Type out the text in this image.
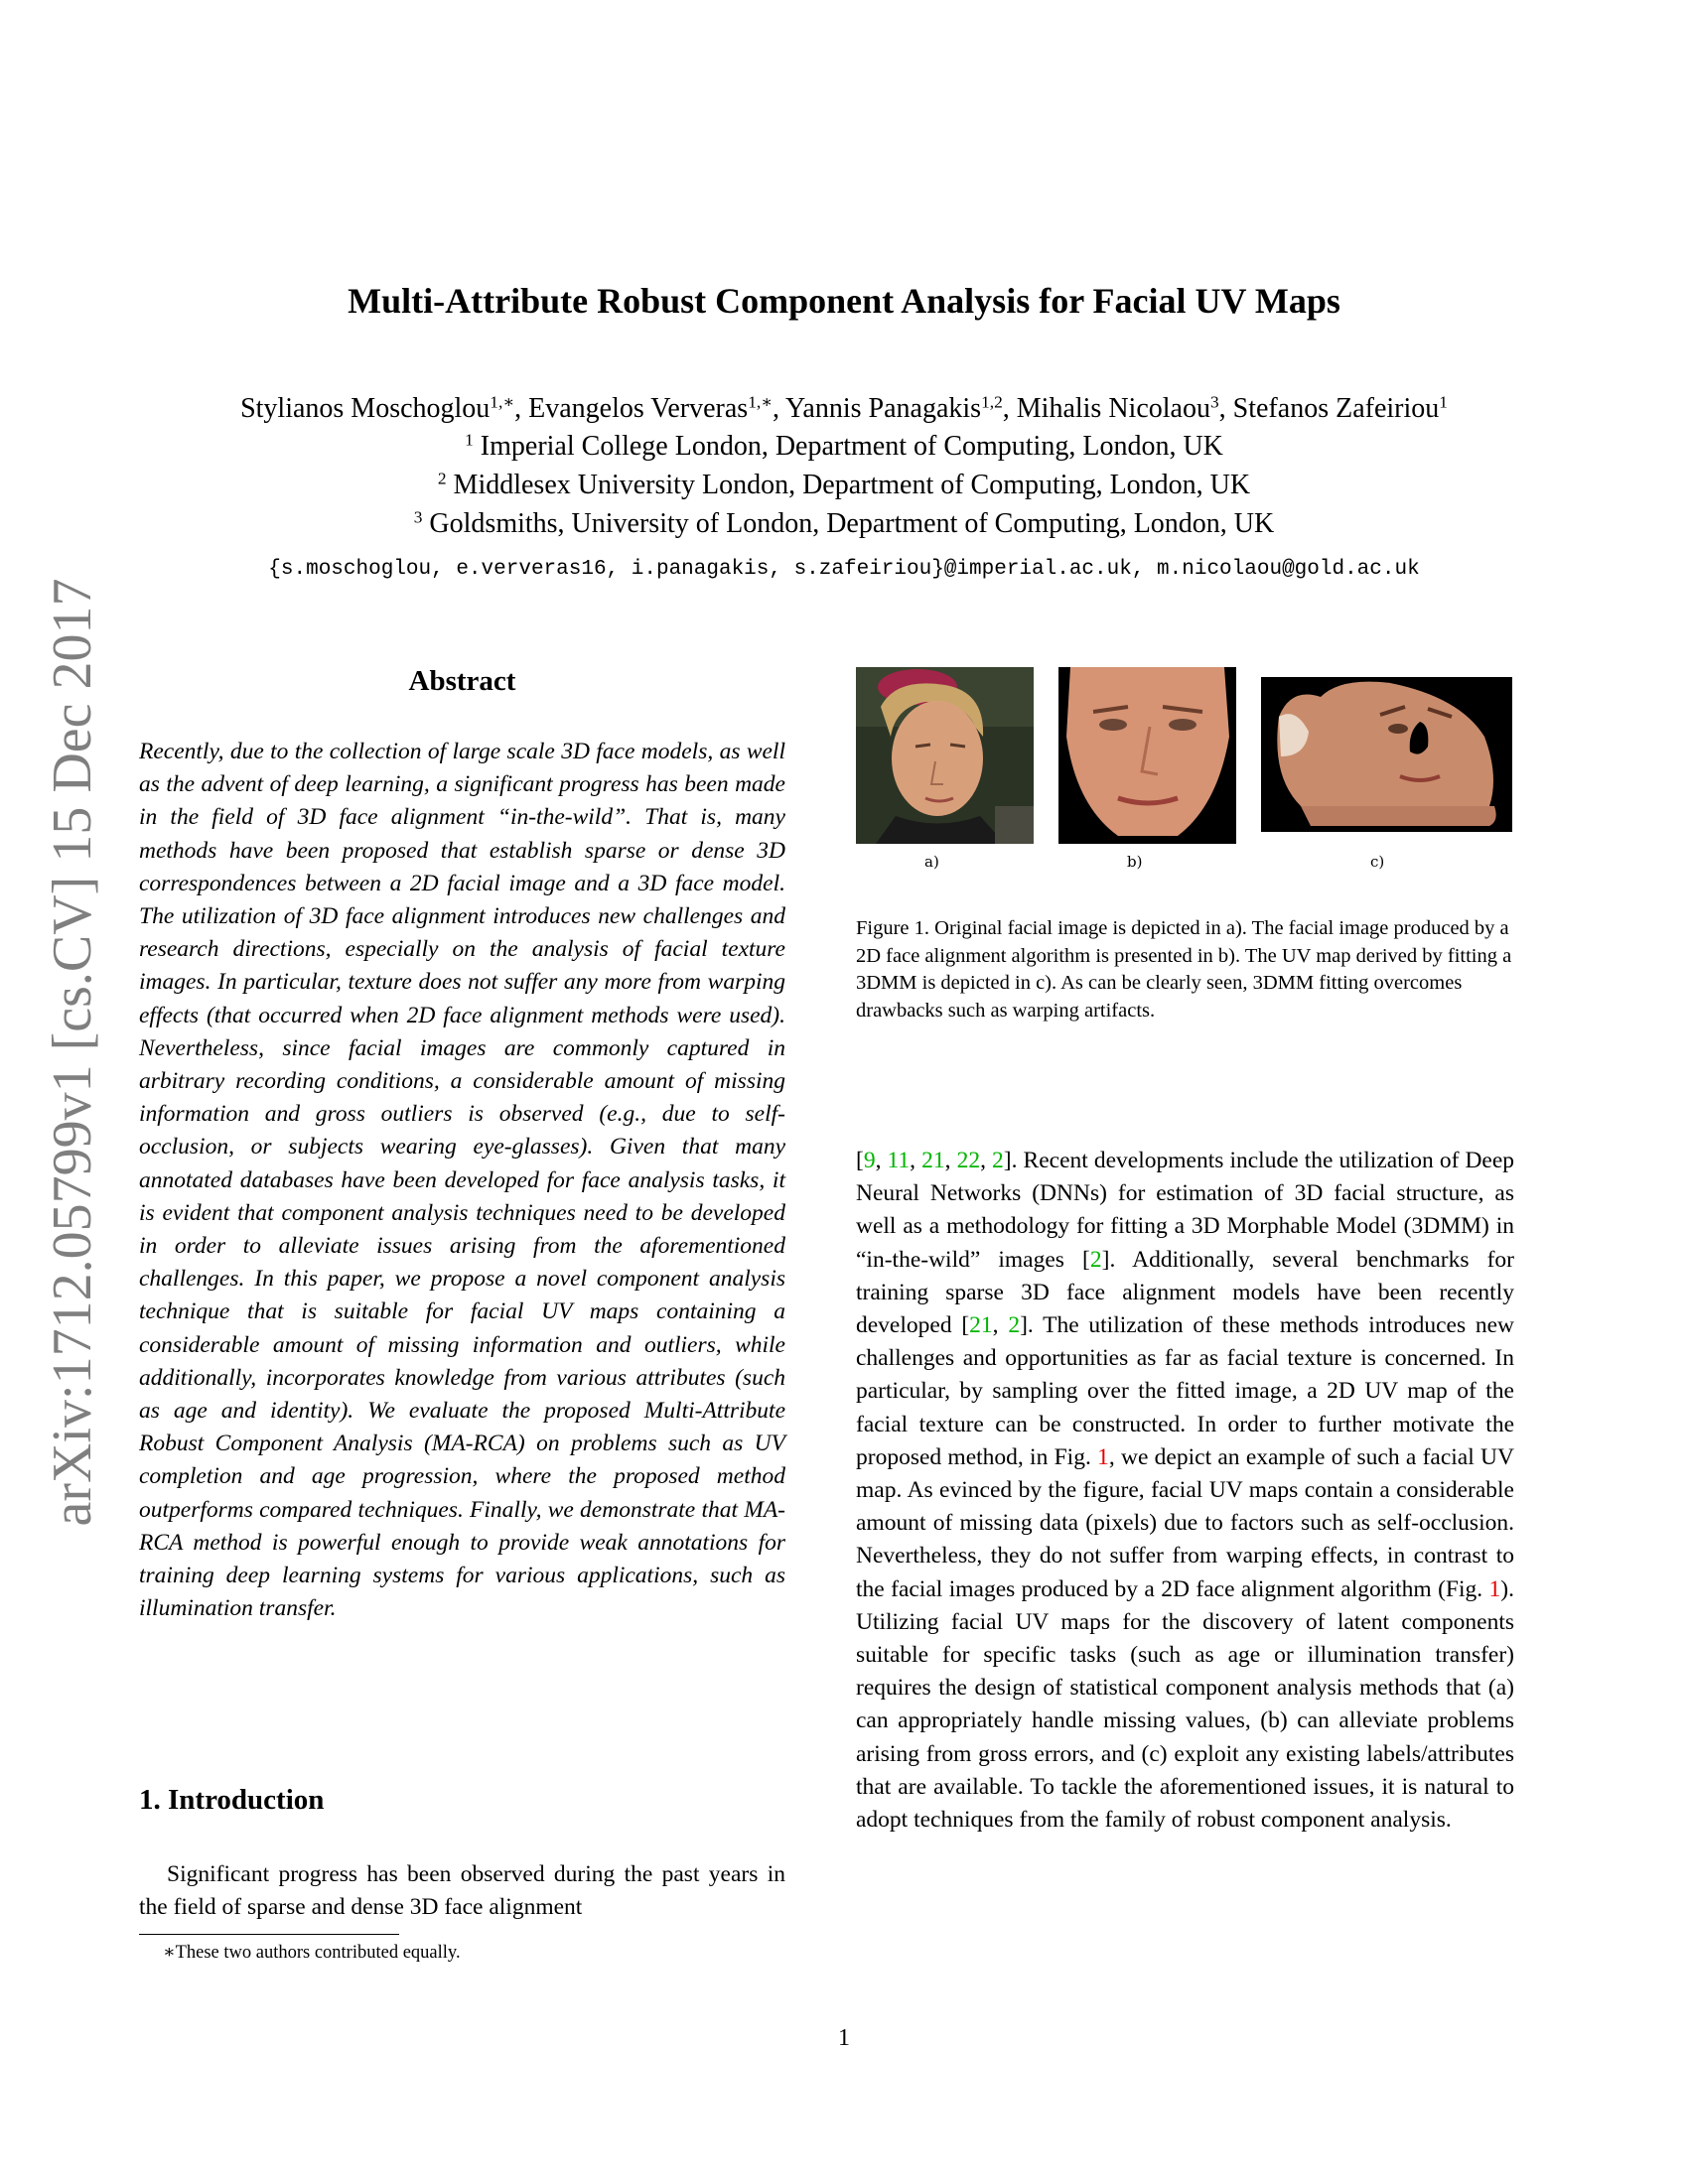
arXiv:1712.05799v1 [cs.CV] 15 Dec 2017
Multi-Attribute Robust Component Analysis for Facial UV Maps

Stylianos Moschoglou$^{1,∗}$, Evangelos Ververas$^{1,∗}$, Yannis Panagakis$^{1,2}$, Mihalis Nicolaou$^3$, Stefanos Zafeiriou$^1$

$^1$ Imperial College London, Department of Computing, London, UK

$^2$ Middlesex University London, Department of Computing, London, UK

$^3$ Goldsmiths, University of London, Department of Computing, London, UK

{s.moschoglou, e.ververas16, i.panagakis, s.zafeiriou}@imperial.ac.uk, m.nicolaou@gold.ac.uk

Abstract

Recently, due to the collection of large scale 3D face models, as well as the advent of deep learning, a significant progress has been made in the field of 3D face alignment “in-the-wild”. That is, many methods have been proposed that establish sparse or dense 3D correspondences between a 2D facial image and a 3D face model. The utilization of 3D face alignment introduces new challenges and research directions, especially on the analysis of facial texture images. In particular, texture does not suffer any more from warping effects (that occurred when 2D face alignment methods were used). Nevertheless, since facial images are commonly captured in arbitrary recording conditions, a considerable amount of missing information and gross outliers is observed (e.g., due to self-occlusion, or subjects wearing eye-glasses). Given that many annotated databases have been developed for face analysis tasks, it is evident that component analysis techniques need to be developed in order to alleviate issues arising from the aforementioned challenges. In this paper, we propose a novel component analysis technique that is suitable for facial UV maps containing a considerable amount of missing information and outliers, while additionally, incorporates knowledge from various attributes (such as age and identity). We evaluate the proposed Multi-Attribute Robust Component Analysis (MA-RCA) on problems such as UV completion and age progression, where the proposed method outperforms compared techniques. Finally, we demonstrate that MA-RCA method is powerful enough to provide weak annotations for training deep learning systems for various applications, such as illumination transfer.

1. Introduction

Significant progress has been observed during the past years in the field of sparse and dense 3D face alignment

∗These two authors contributed equally.

a)	b)	c)

Figure 1. Original facial image is depicted in a). The facial image produced by a 2D face alignment algorithm is presented in b). The UV map derived by fitting a 3DMM is depicted in c). As can be clearly seen, 3DMM fitting overcomes drawbacks such as warping artifacts.

[9, 11, 21, 22, 2]. Recent developments include the utilization of Deep Neural Networks (DNNs) for estimation of 3D facial structure, as well as a methodology for fitting a 3D Morphable Model (3DMM) in “in-the-wild” images [2]. Additionally, several benchmarks for training sparse 3D face alignment models have been recently developed [21, 2]. The utilization of these methods introduces new challenges and opportunities as far as facial texture is concerned. In particular, by sampling over the fitted image, a 2D UV map of the facial texture can be constructed. In order to further motivate the proposed method, in Fig. 1, we depict an example of such a facial UV map. As evinced by the figure, facial UV maps contain a considerable amount of missing data (pixels) due to factors such as self-occlusion. Nevertheless, they do not suffer from warping effects, in contrast to the facial images produced by a 2D face alignment algorithm (Fig. 1). Utilizing facial UV maps for the discovery of latent components suitable for specific tasks (such as age or illumination transfer) requires the design of statistical component analysis methods that (a) can appropriately handle missing values, (b) can alleviate problems arising from gross errors, and (c) exploit any existing labels/attributes that are available. To tackle the aforementioned issues, it is natural to adopt techniques from the family of robust component analysis.

1
